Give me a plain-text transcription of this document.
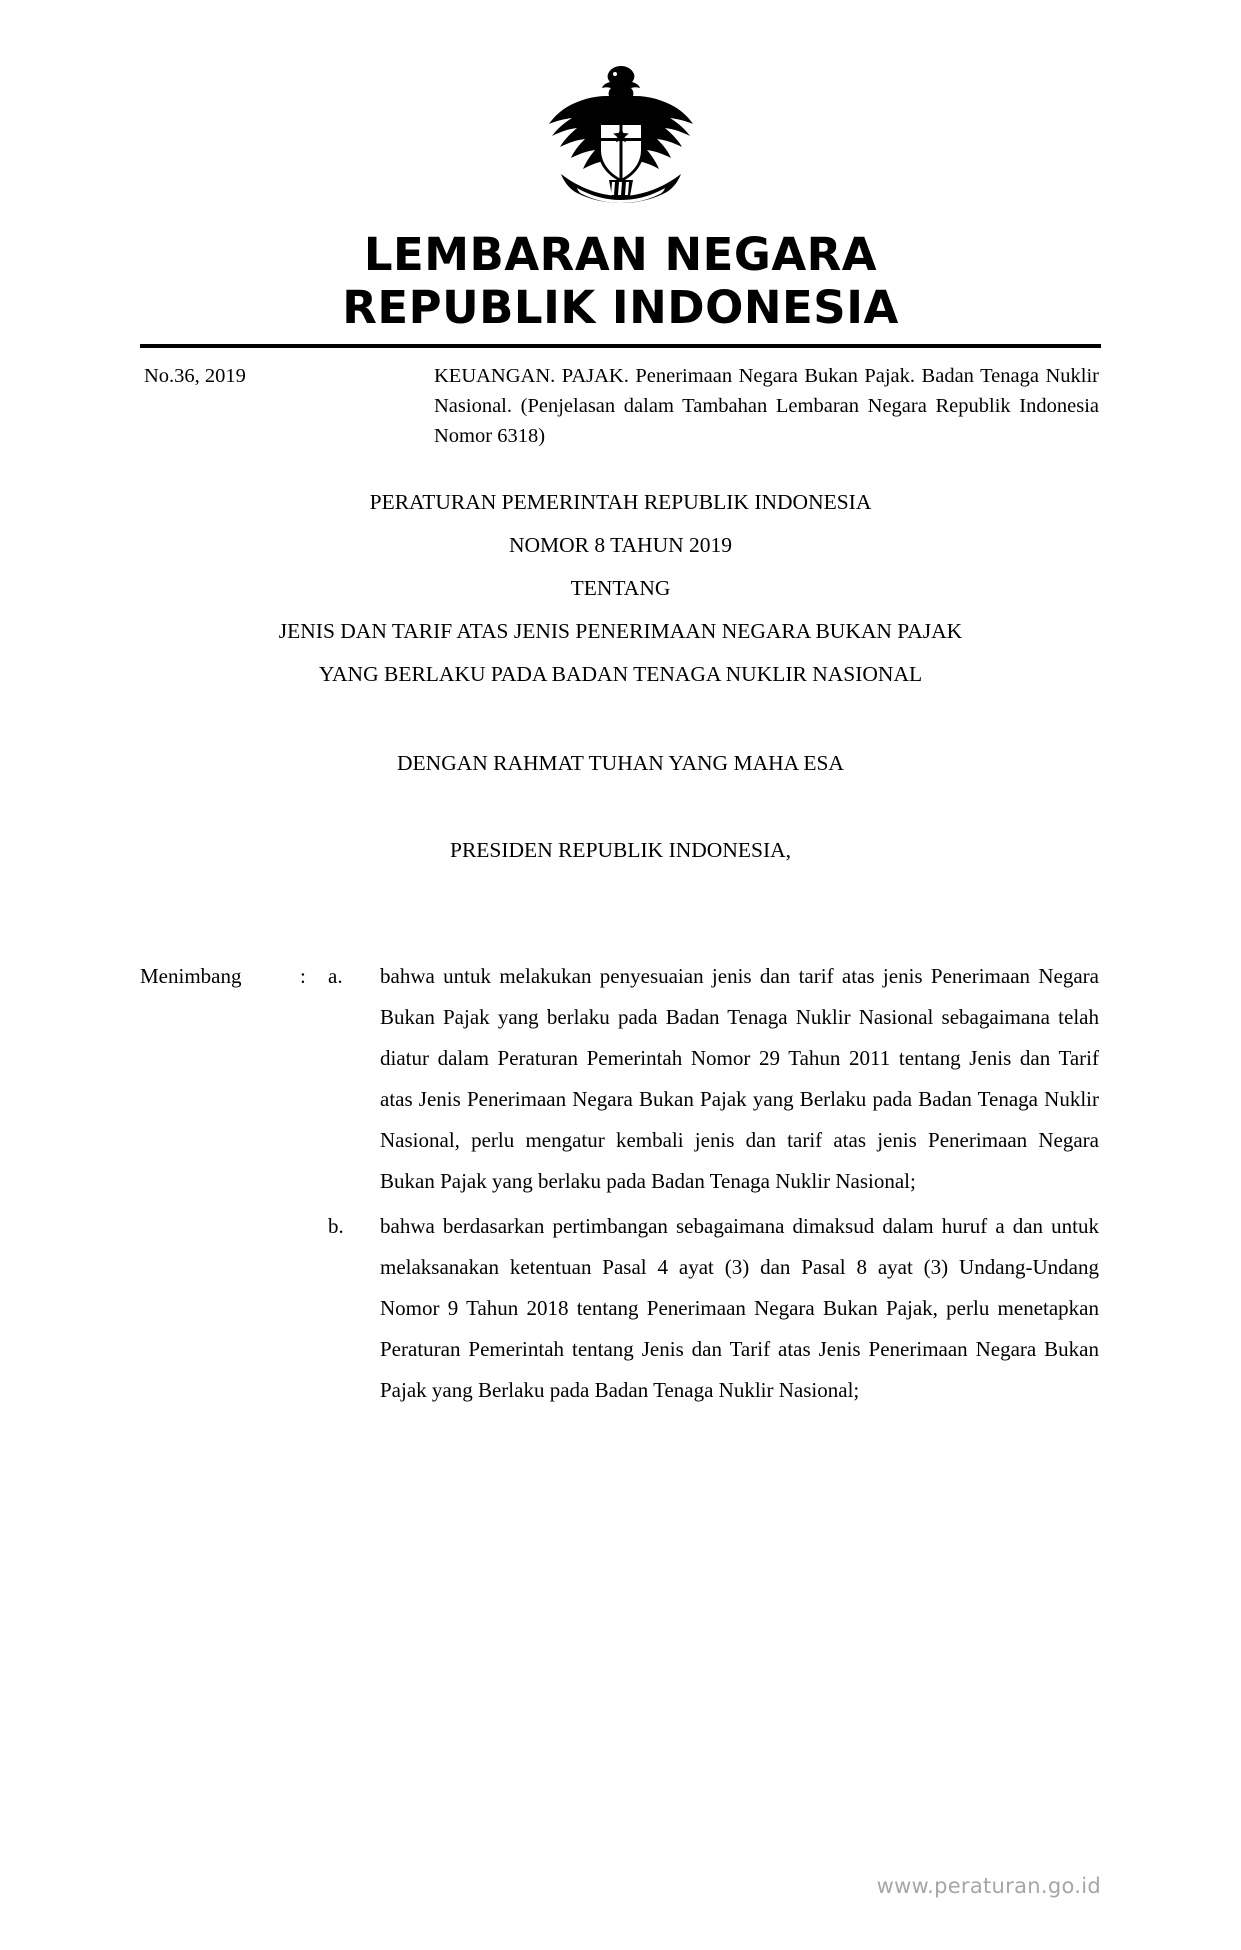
LEMBARAN NEGARA
REPUBLIK INDONESIA
No.36, 2019	KEUANGAN. PAJAK. Penerimaan Negara Bukan Pajak. Badan Tenaga Nuklir Nasional. (Penjelasan dalam Tambahan Lembaran Negara Republik Indonesia Nomor 6318)
PERATURAN PEMERINTAH REPUBLIK INDONESIA
NOMOR 8 TAHUN 2019
TENTANG
JENIS DAN TARIF ATAS JENIS PENERIMAAN NEGARA BUKAN PAJAK
YANG BERLAKU PADA BADAN TENAGA NUKLIR NASIONAL
DENGAN RAHMAT TUHAN YANG MAHA ESA
PRESIDEN REPUBLIK INDONESIA,
Menimbang	:	a.	bahwa untuk melakukan penyesuaian jenis dan tarif atas jenis Penerimaan Negara Bukan Pajak yang berlaku pada Badan Tenaga Nuklir Nasional sebagaimana telah diatur dalam Peraturan Pemerintah Nomor 29 Tahun 2011 tentang Jenis dan Tarif atas Jenis Penerimaan Negara Bukan Pajak yang Berlaku pada Badan Tenaga Nuklir Nasional, perlu mengatur kembali jenis dan tarif atas jenis Penerimaan Negara Bukan Pajak yang berlaku pada Badan Tenaga Nuklir Nasional;
b.	bahwa berdasarkan pertimbangan sebagaimana dimaksud dalam huruf a dan untuk melaksanakan ketentuan Pasal 4 ayat (3) dan Pasal 8 ayat (3) Undang-Undang Nomor 9 Tahun 2018 tentang Penerimaan Negara Bukan Pajak, perlu menetapkan Peraturan Pemerintah tentang Jenis dan Tarif atas Jenis Penerimaan Negara Bukan Pajak yang Berlaku pada Badan Tenaga Nuklir Nasional;
www.peraturan.go.id
